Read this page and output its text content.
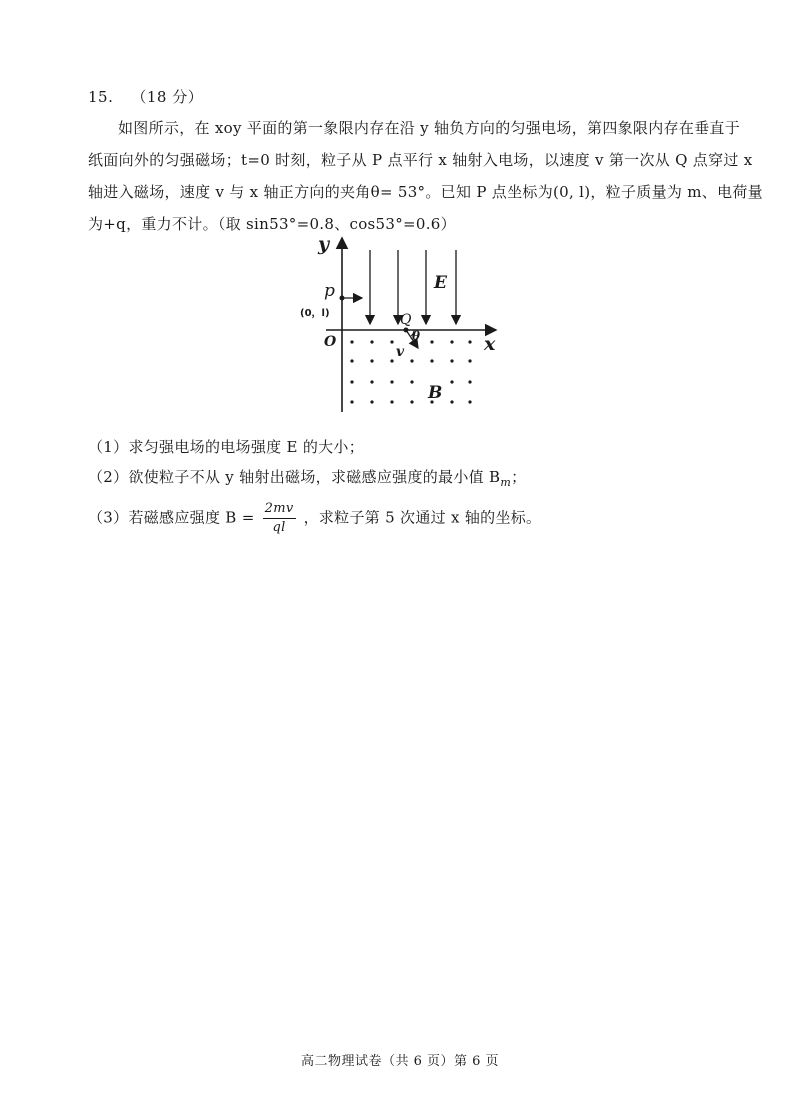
15. （18 分）
如图所示，在 xoy 平面的第一象限内存在沿 y 轴负方向的匀强电场，第四象限内存在垂直于
纸面向外的匀强磁场；t=0 时刻，粒子从 P 点平行 x 轴射入电场，以速度 v 第一次从 Q 点穿过 x
轴进入磁场，速度 v 与 x 轴正方向的夹角θ= 53°。已知 P 点坐标为(0, l)，粒子质量为 m、电荷量
为+q，重力不计。（取 sin53°=0.8、cos53°=0.6）
y
x
O
p
(0，l)	Q
θ
v
E
B
（1）求匀强电场的电场强度 E 的大小；
（2）欲使粒子不从 y 轴射出磁场，求磁感应强度的最小值 $B_m$；
（3）若磁感应强度 $B = \frac{2mv}{ql}$ ，求粒子第 5 次通过 x 轴的坐标。
高二物理试卷（共 6 页）第 6 页
